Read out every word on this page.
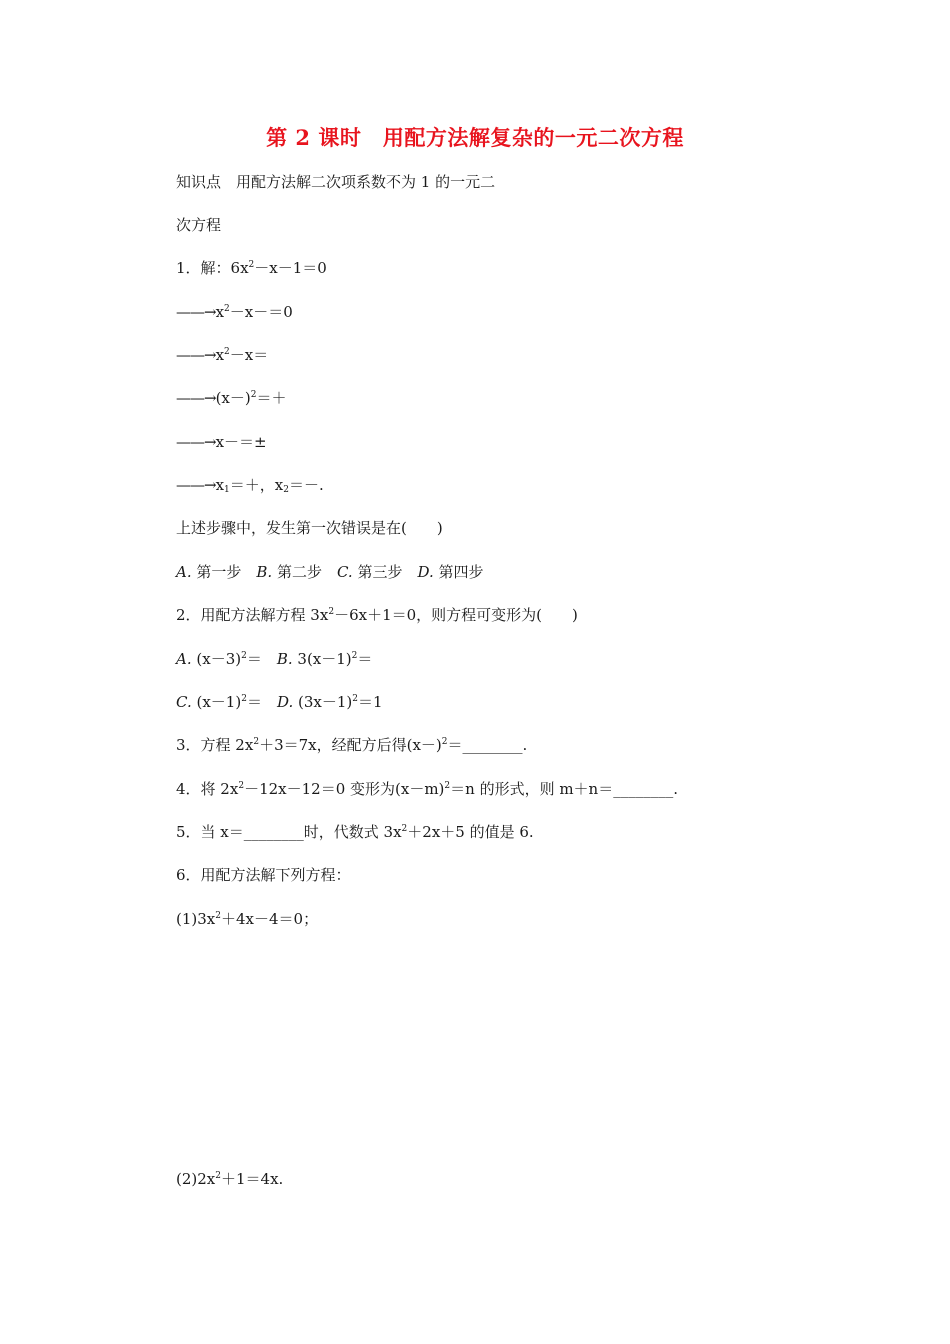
第 2 课时　用配方法解复杂的一元二次方程
知识点　用配方法解二次项系数不为 1 的一元二
次方程
1．解：$6x^2-x-1=0$
$——\to x^2-x-=0$
$——\to x^2-x=$
$——\to(x-)^2=+$
——→x－＝±
$——\to x_1=+$，$x_2=-$.
上述步骤中，发生第一次错误是在(　　)
A. 第一步　B. 第二步　C. 第三步　D. 第四步
2．用配方法解方程 $3x^2-6x+1=0$，则方程可变形为(　　)
A. $(x-3)^2=$　B. $3(x-1)^2=$
C. $(x-1)^2=$　D. $(3x-1)^2=1$
3．方程 $2x^2+3=7x$，经配方后得$(x-)^2=\_\_\_\_\_\_\_\_$.
4．将 $2x^2-12x-12=0$ 变形为$(x-m)^2=n$ 的形式，则 m＋n＝________.
5．当 x＝________时，代数式 $3x^2+2x+5$ 的值是 6.
6．用配方法解下列方程：
$(1)3x^2+4x-4=0$；
$(2)2x^2+1=4x$.
